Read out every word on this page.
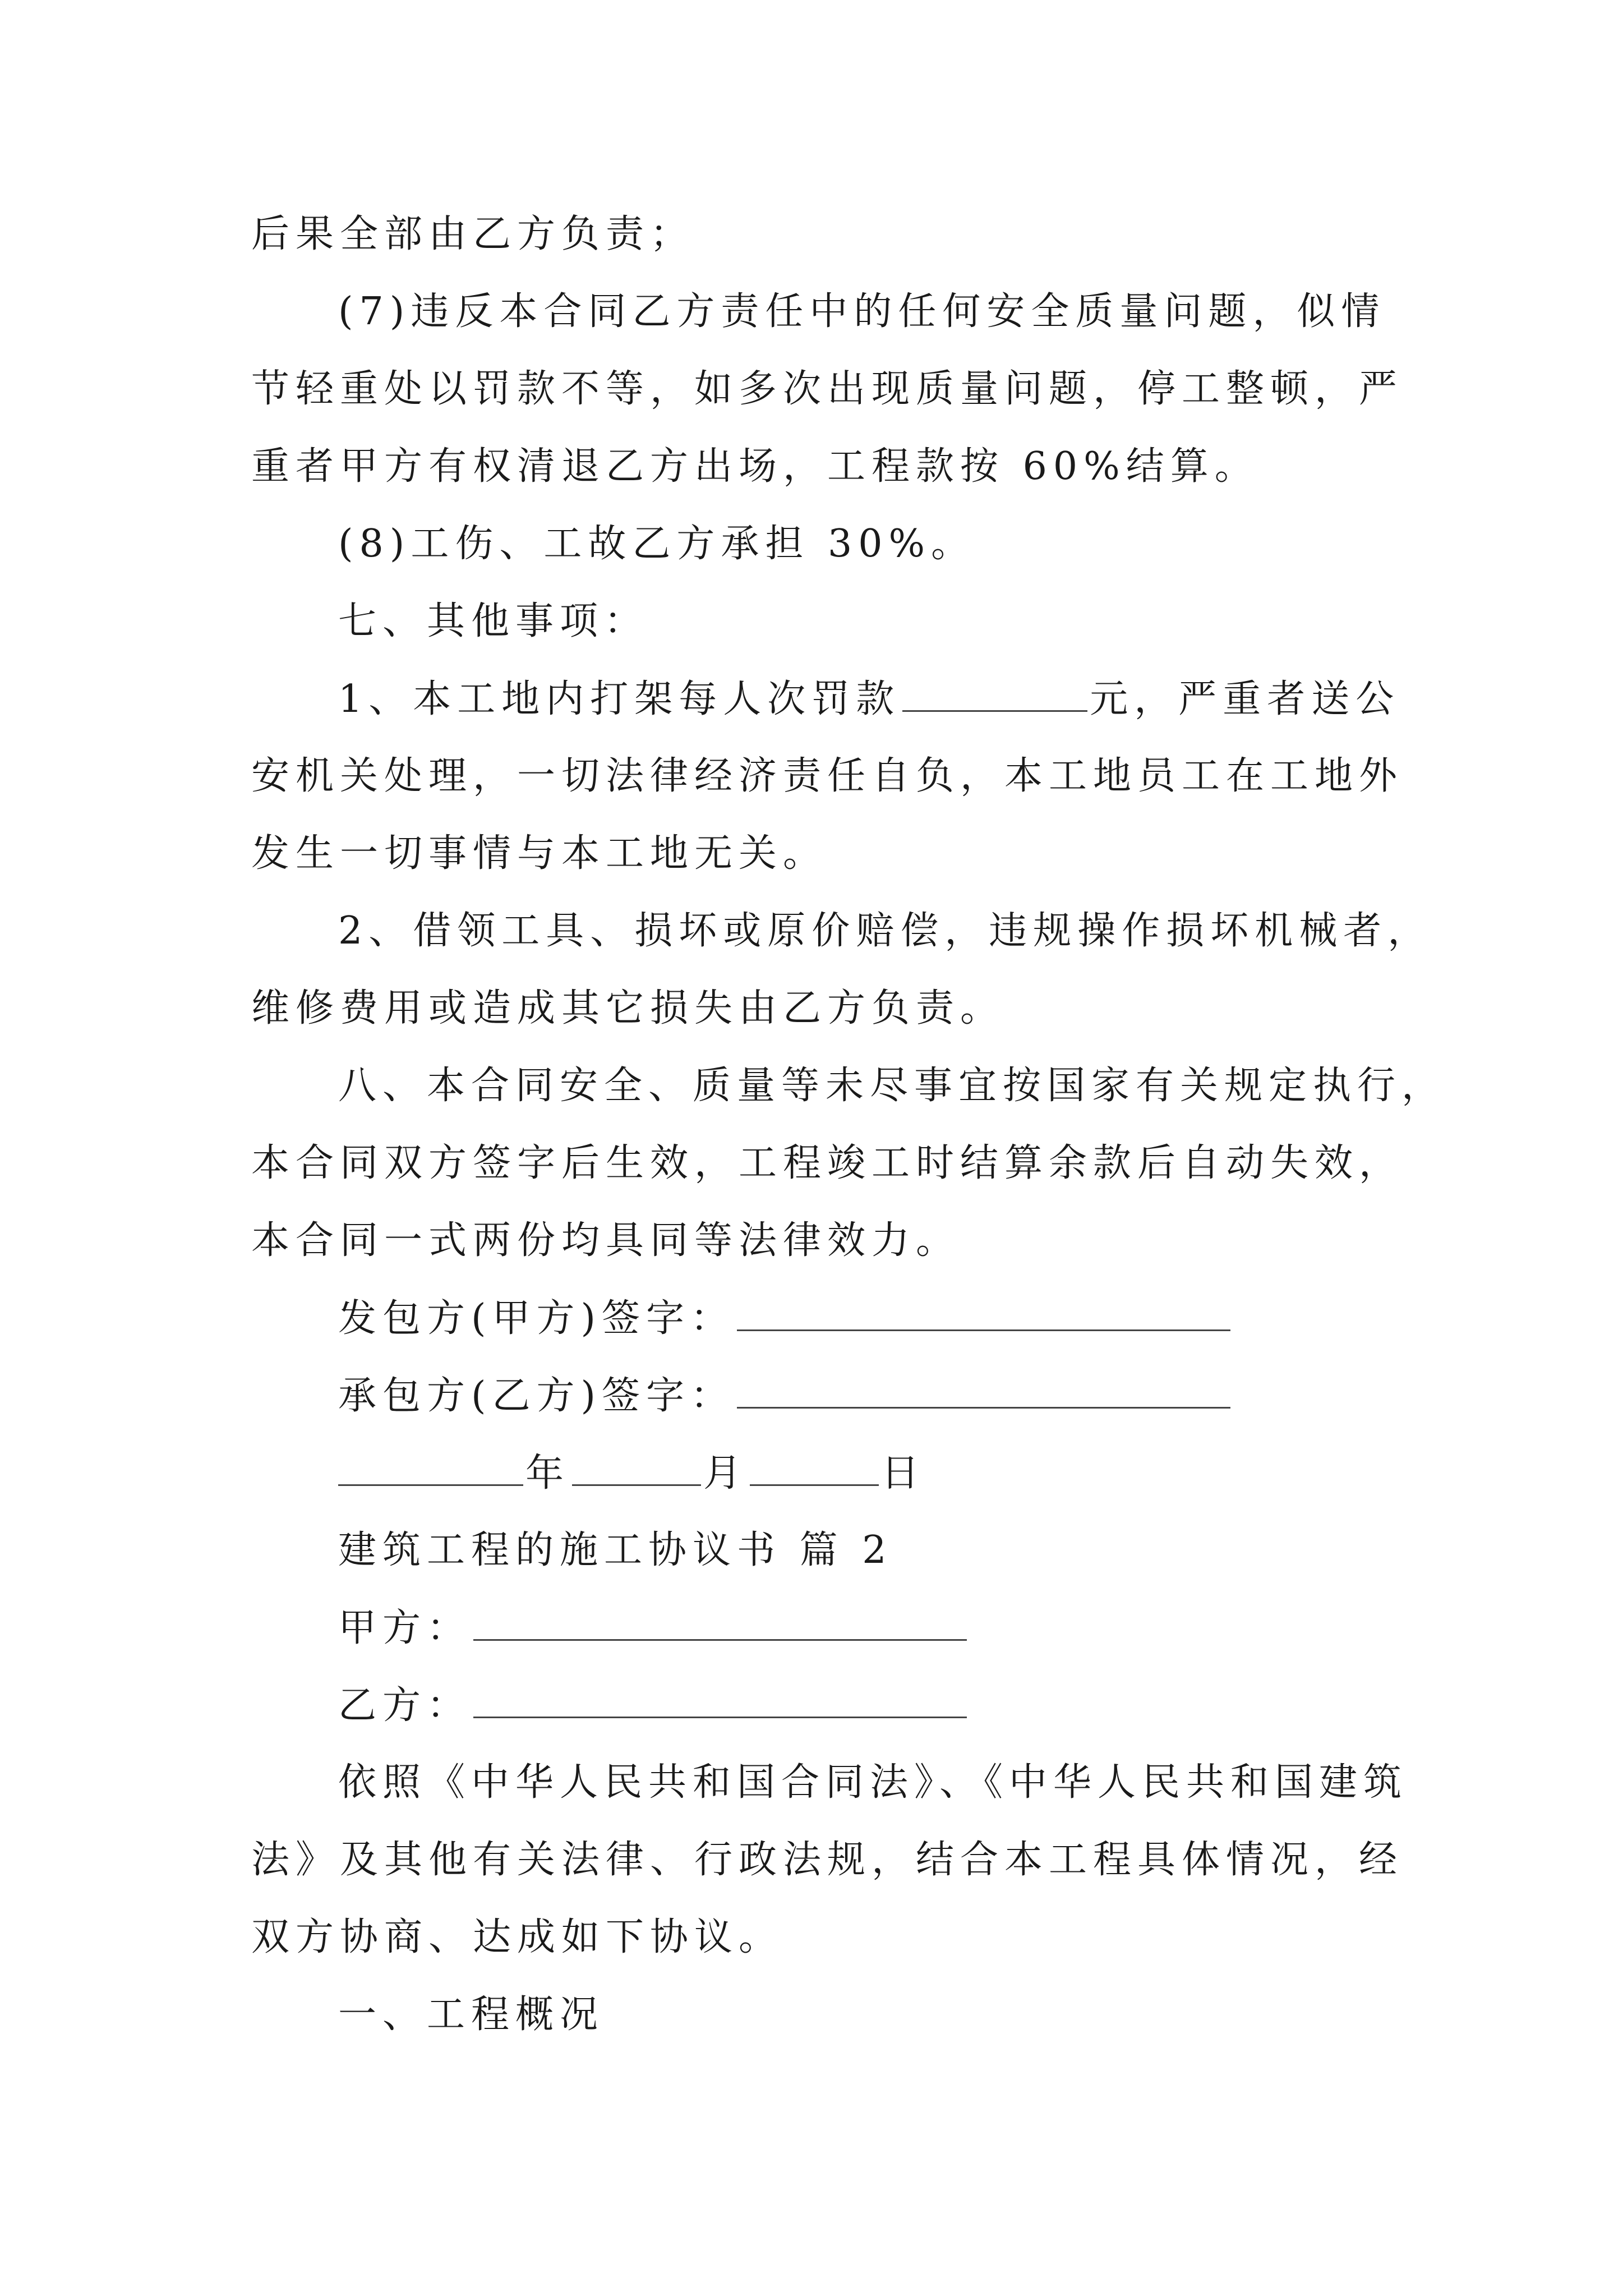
后果全部由乙方负责；
(7)违反本合同乙方责任中的任何安全质量问题，似情
节轻重处以罚款不等，如多次出现质量问题，停工整顿，严
重者甲方有权清退乙方出场，工程款按 60%结算。
(8)工伤、工故乙方承担 30%。
七、其他事项：
1、本工地内打架每人次罚款	元，严重者送公
安机关处理，一切法律经济责任自负，本工地员工在工地外
发生一切事情与本工地无关。
2、借领工具、损坏或原价赔偿，违规操作损坏机械者，
维修费用或造成其它损失由乙方负责。
八、本合同安全、质量等未尽事宜按国家有关规定执行，
本合同双方签字后生效，工程竣工时结算余款后自动失效，
本合同一式两份均具同等法律效力。
发包方(甲方)签字：
承包方(乙方)签字：
年	月	日
建筑工程的施工协议书 篇 2
甲方：
乙方：
依照《中华人民共和国合同法》、《中华人民共和国建筑
法》及其他有关法律、行政法规，结合本工程具体情况，经
双方协商、达成如下协议。
一、工程概况
